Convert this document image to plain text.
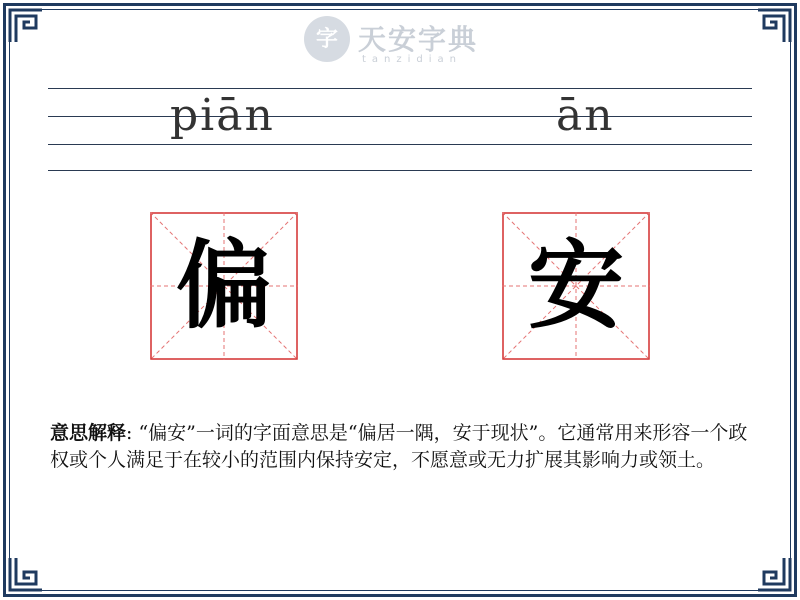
字 天安字典
tanzidian
piān	ān
偏	安
意思解释: “偏安”一词的字面意思是“偏居一隅，安于现状”。它通常用来形容一个政权或个人满足于在较小的范围内保持安定，不愿意或无力扩展其影响力或领土。
